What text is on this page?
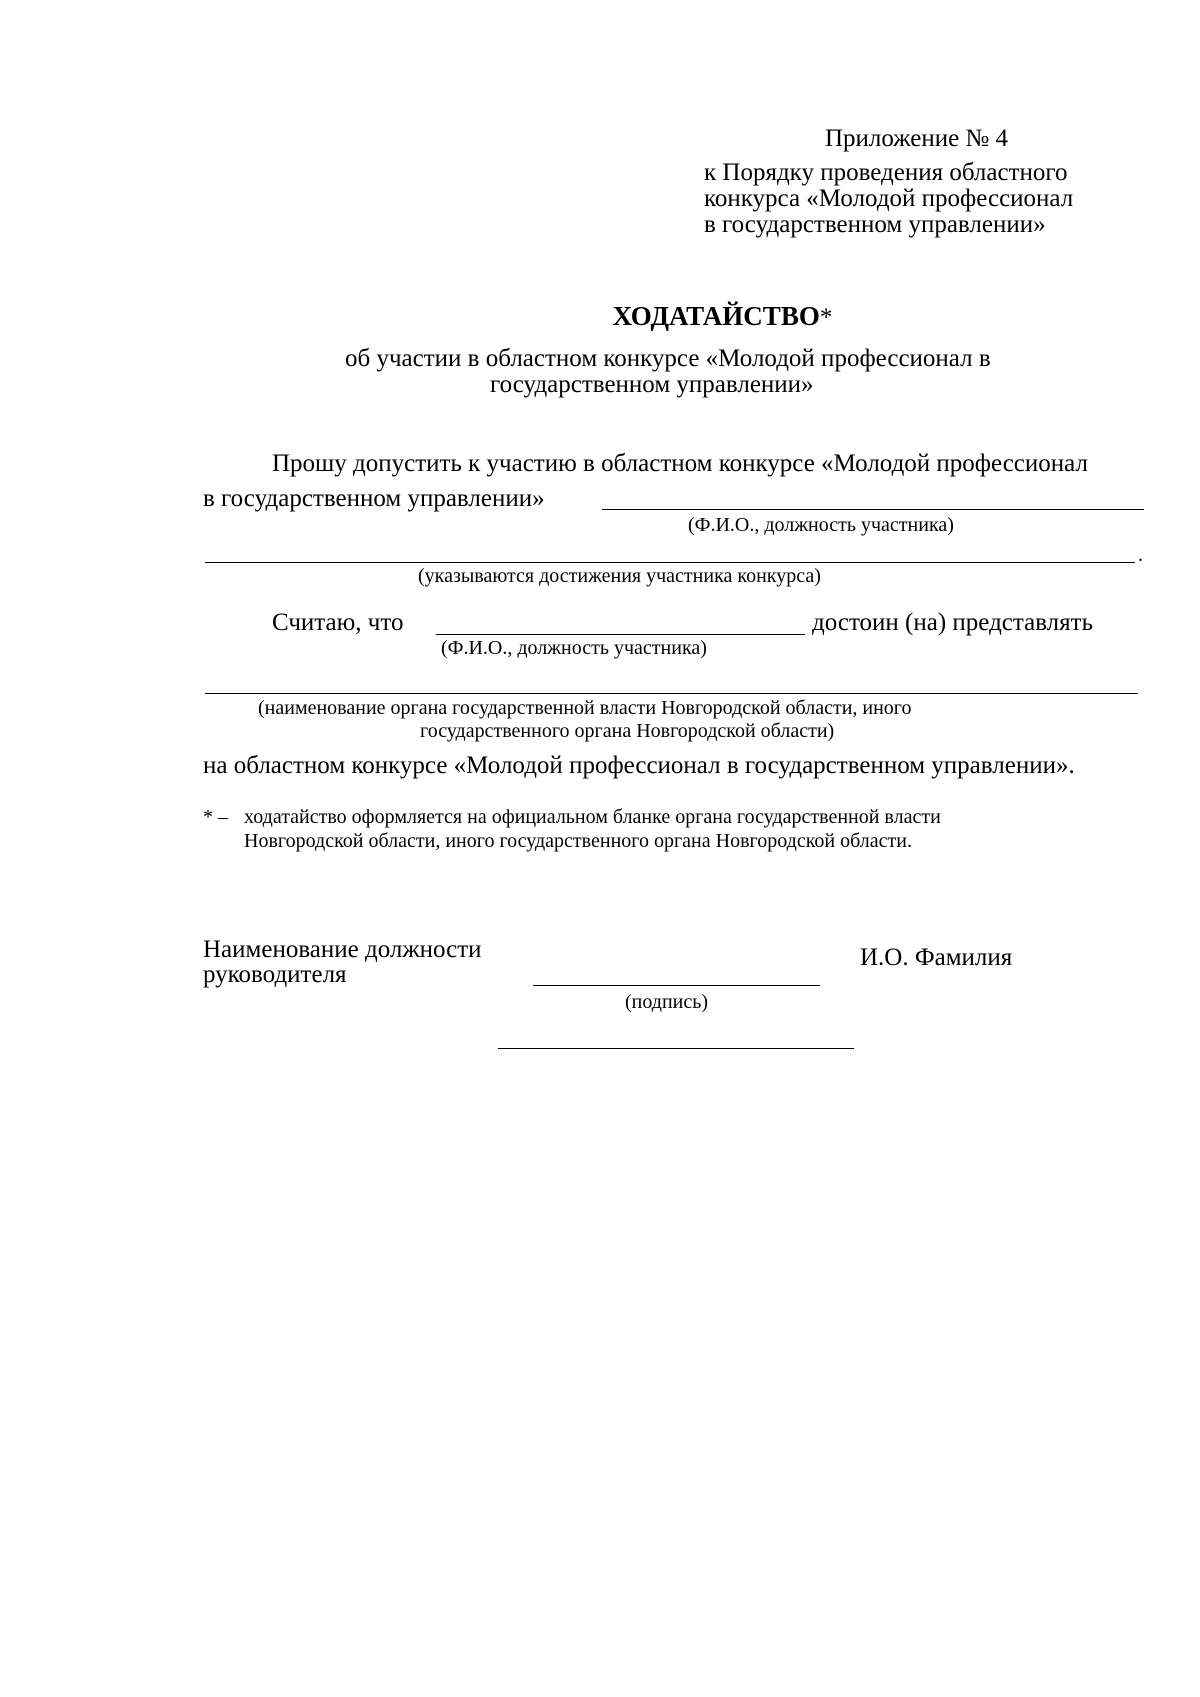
Приложение № 4
к Порядку проведения областного
конкурса «Молодой профессионал
в государственном управлении»
ХОДАТАЙСТВО*
об участии в областном конкурсе «Молодой профессионал в
государственном управлении»
Прошу допустить к участию в областном конкурсе «Молодой профессионал
в государственном управлении»
(Ф.И.О., должность участника)
.
(указываются достижения участника конкурса)
Считаю, что	достоин (на) представлять
(Ф.И.О., должность участника)
(наименование органа государственной власти Новгородской области, иного
государственного органа Новгородской области)
на областном конкурсе «Молодой профессионал в государственном управлении».
* – ходатайство оформляется на официальном бланке органа государственной власти
Новгородской области, иного государственного органа Новгородской области.
Наименование должности
руководителя
(подпись)
И.О. Фамилия
